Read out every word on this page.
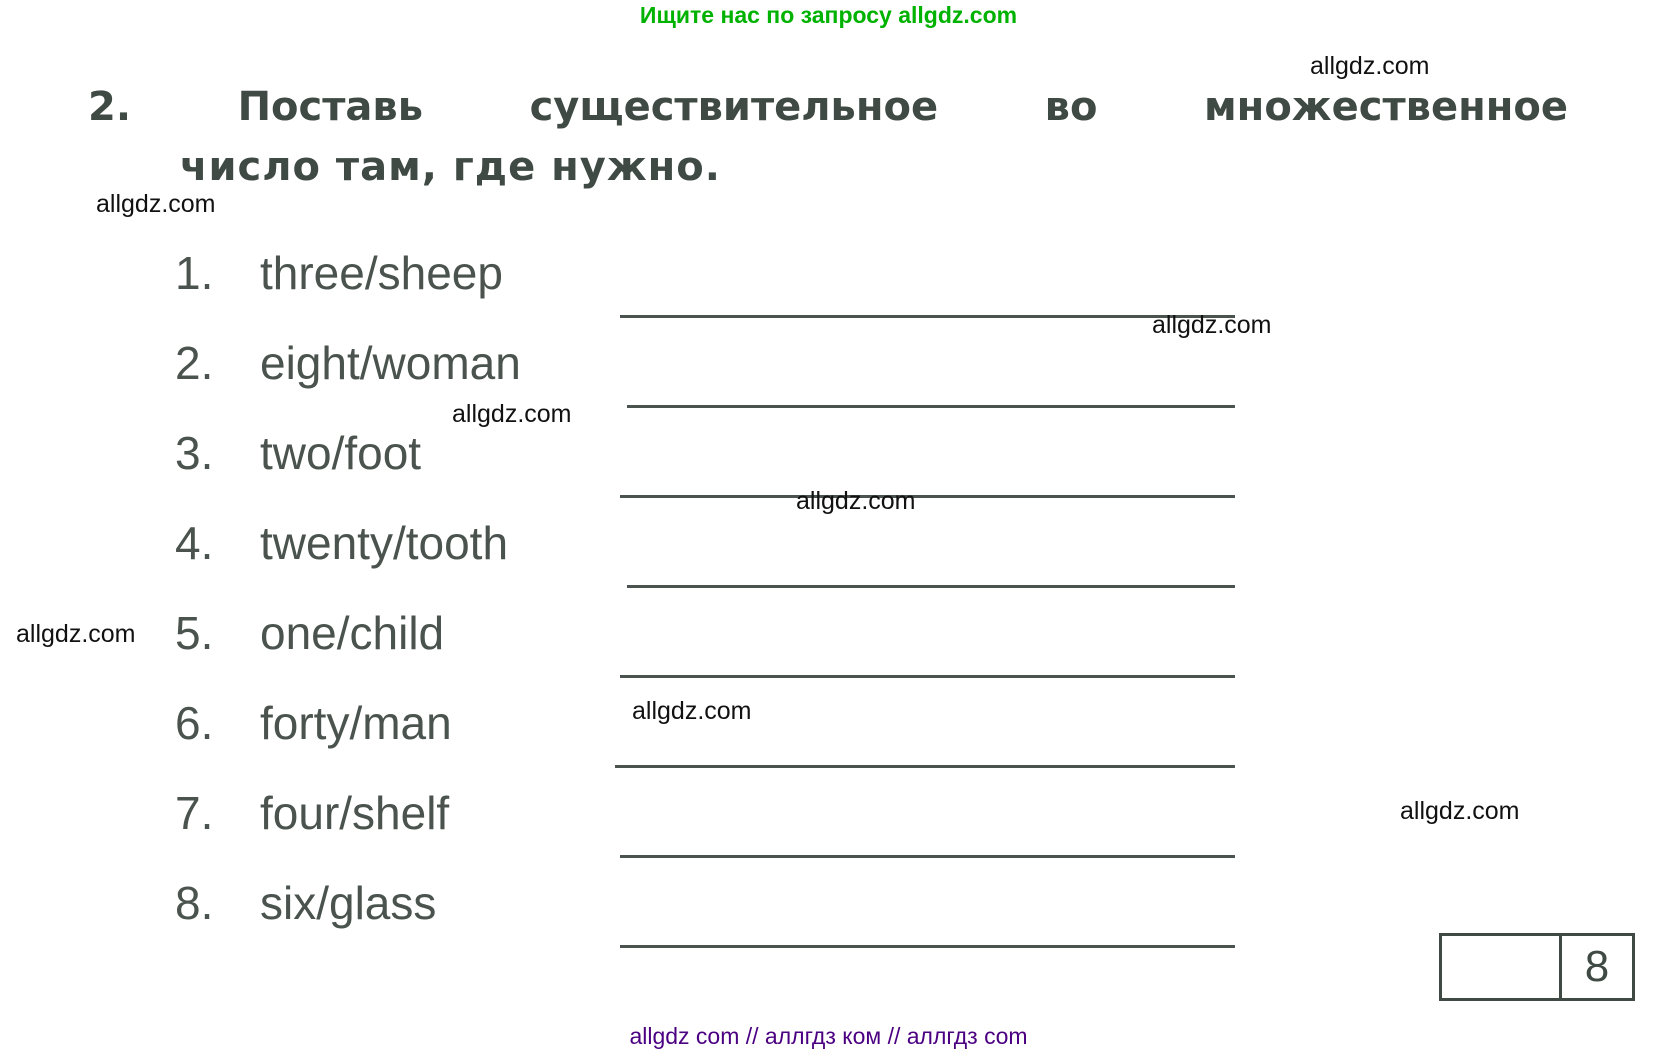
Ищите нас по запросу allgdz.com
2.	Поставь	существительное	во	множественное
число там, где нужно.
1.	three/sheep
2.	eight/woman
3.	two/foot
4.	twenty/tooth
5.	one/child
6.	forty/man
7.	four/shelf
8.	six/glass
allgdz.com
allgdz.com
allgdz.com
allgdz.com
allgdz.com
allgdz.com
allgdz.com
allgdz.com
8
allgdz com // аллгдз ком // аллгдз com
